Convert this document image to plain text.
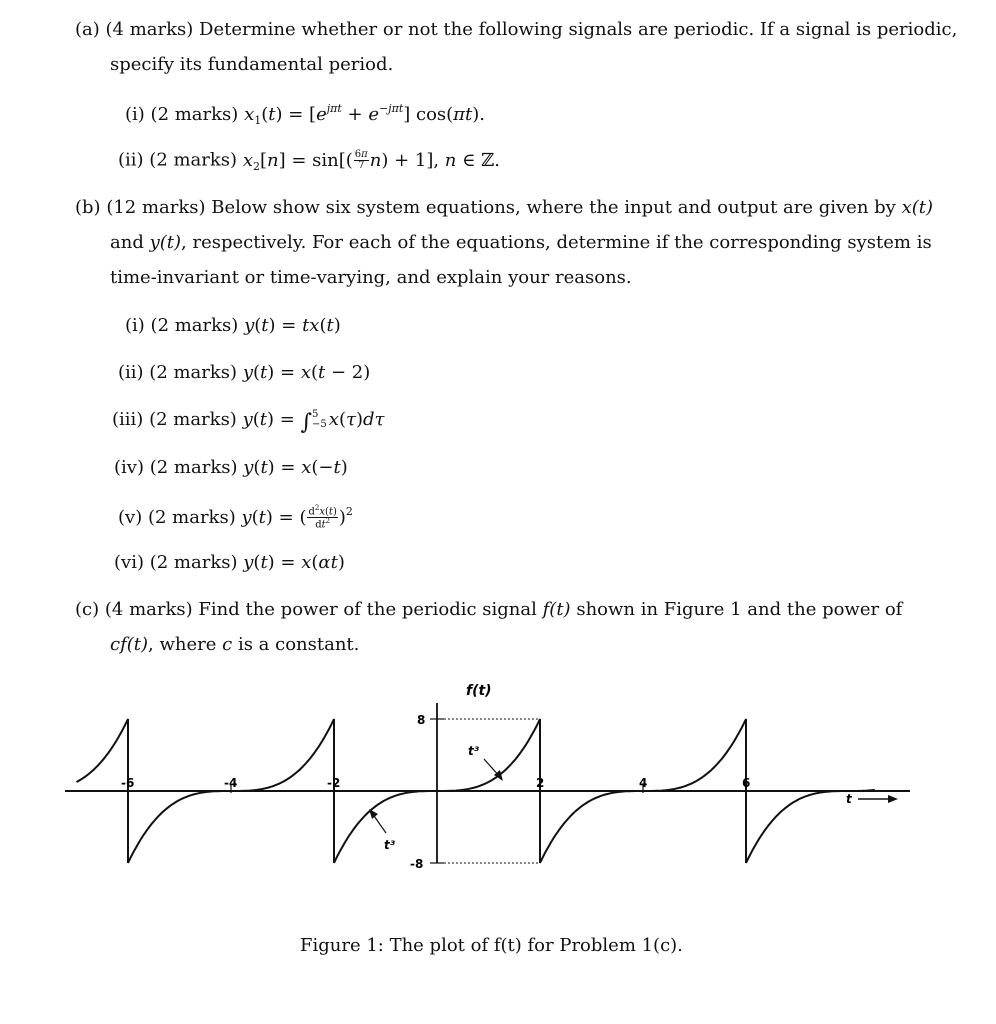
(a) (4 marks) Determine whether or not the following signals are periodic. If a signal is periodic,
specify its fundamental period.
(i) (2 marks) $x_1(t) = [e^{j\pi t} + e^{-j\pi t}]$ cos(πt).
(ii) (2 marks) $x_2[n] = \sin[( \frac{6\pi}{7} n) + 1]$, n ∈ ℤ.
(b) (12 marks) Below show six system equations, where the input and output are given by x(t)
and y(t), respectively. For each of the equations, determine if the corresponding system is
time-invariant or time-varying, and explain your reasons.
(i) (2 marks) y(t) = tx(t)
(ii) (2 marks) y(t) = x(t − 2)
(iii) (2 marks) y(t) = ∫ 5
−5 x(τ)dτ
(iv) (2 marks) y(t) = x(−t)
(v) (2 marks) y(t) = ( $\frac{d^2x(t)}{dt^2} )^2$
(vi) (2 marks) y(t) = x(αt)
(c) (4 marks) Find the power of the periodic signal f(t) shown in Figure 1 and the power of
cf(t), where c is a constant.
f(t)
8
-8
t³
t³
t
-6	-4	-2	2	4	6
Figure 1: The plot of f(t) for Problem 1(c).
